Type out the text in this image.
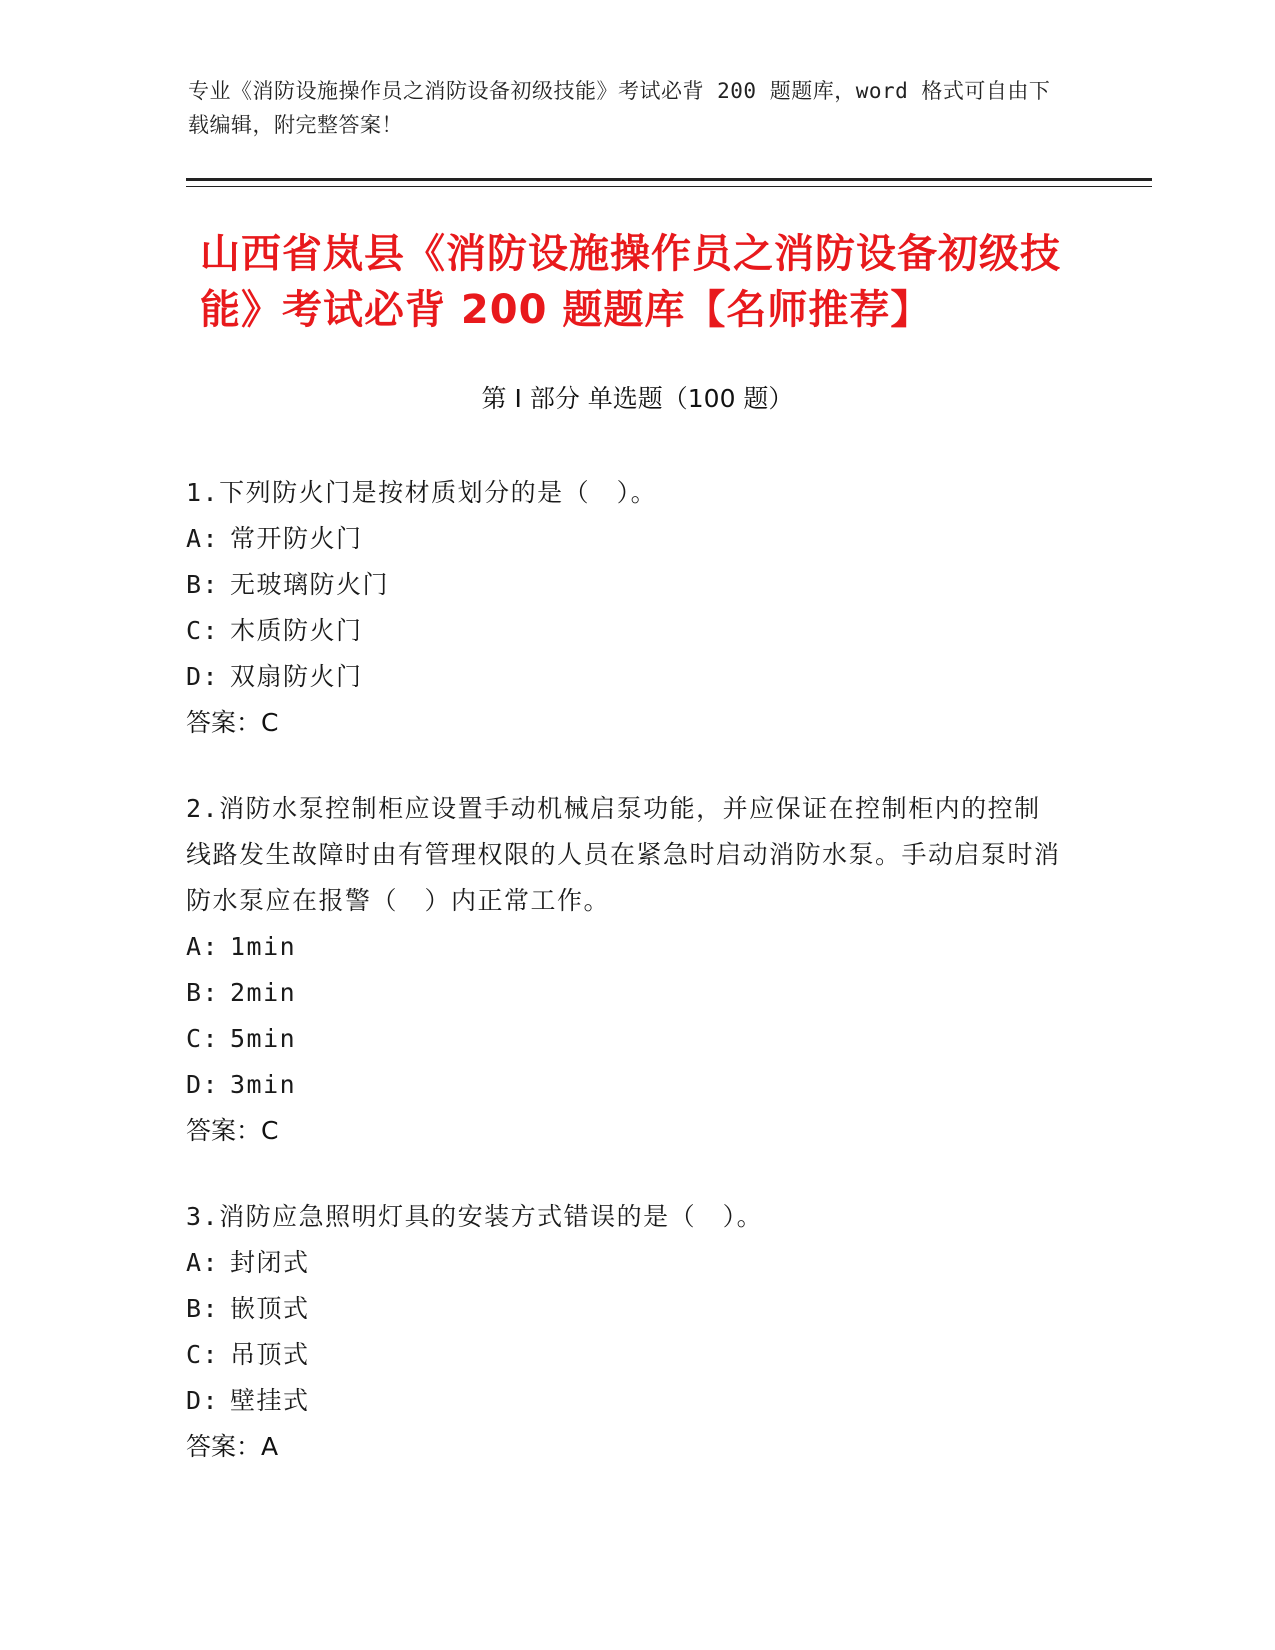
专业《消防设施操作员之消防设备初级技能》考试必背 200 题题库，word 格式可自由下载编辑，附完整答案！
山西省岚县《消防设施操作员之消防设备初级技能》考试必背 200 题题库【名师推荐】
第 I 部分 单选题（100 题）
1.下列防火门是按材质划分的是（　）。
A: 常开防火门
B: 无玻璃防火门
C: 木质防火门
D: 双扇防火门
答案：C
2.消防水泵控制柜应设置手动机械启泵功能，并应保证在控制柜内的控制线路发生故障时由有管理权限的人员在紧急时启动消防水泵。手动启泵时消防水泵应在报警（　）内正常工作。
A: 1min
B: 2min
C: 5min
D: 3min
答案：C
3.消防应急照明灯具的安装方式错误的是（　）。
A: 封闭式
B: 嵌顶式
C: 吊顶式
D: 壁挂式
答案：A
